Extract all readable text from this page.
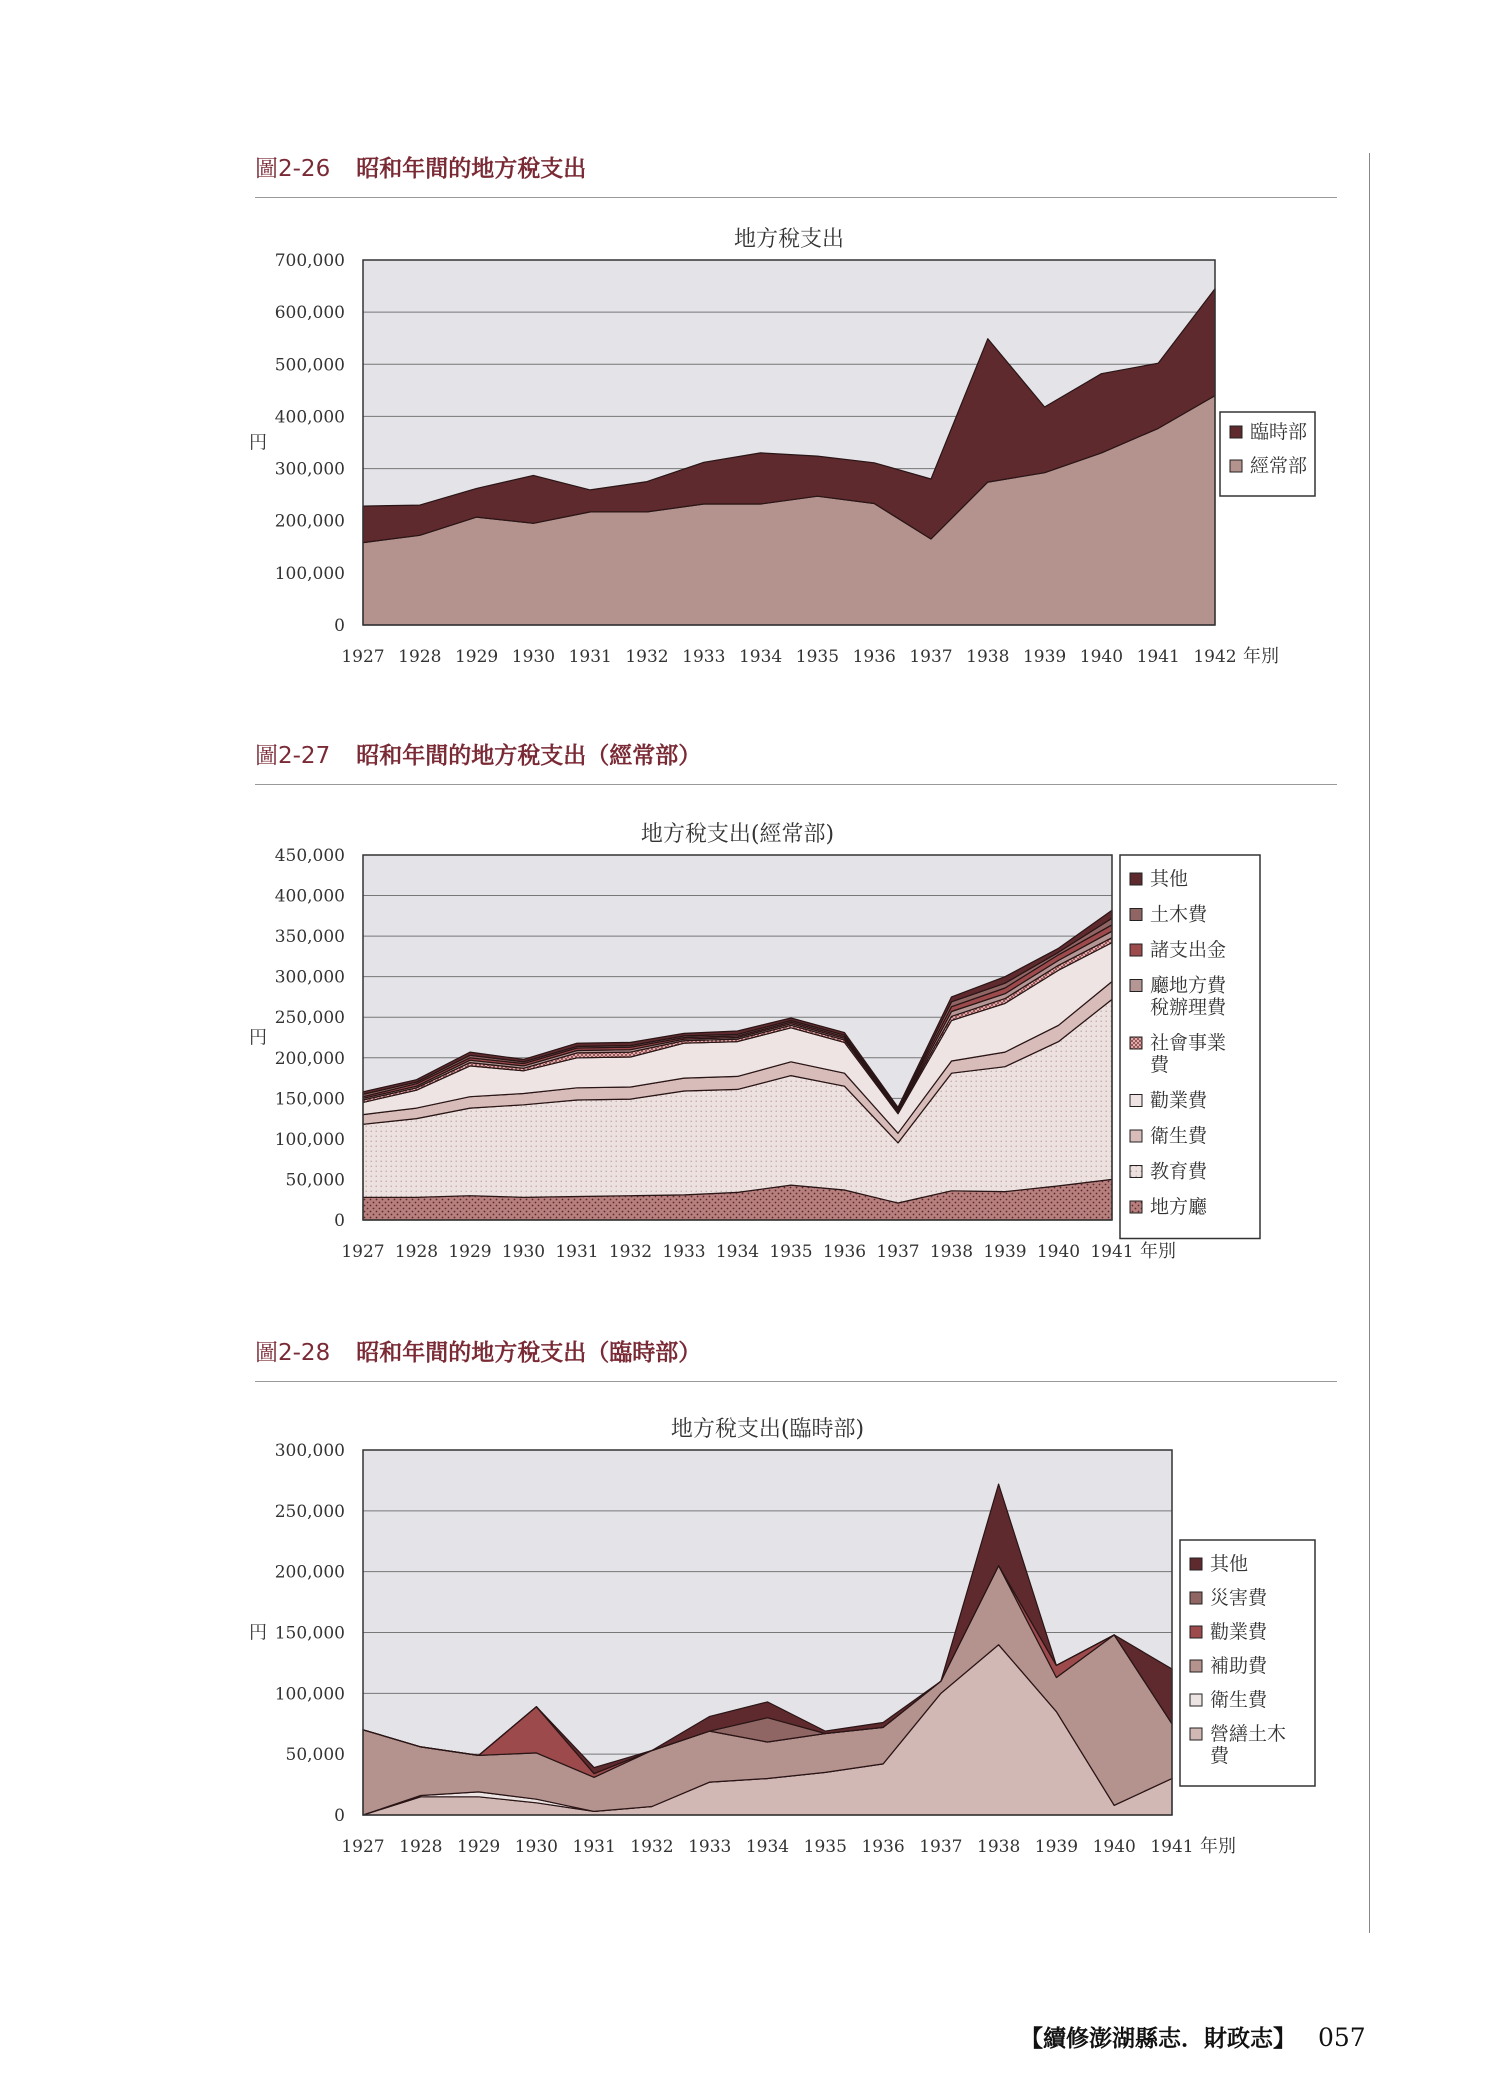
圖2-26 昭和年間的地方稅支出
地方稅支出
0
100,000
200,000
300,000
400,000
500,000
600,000
700,000
円
1927 1928 1929 1930 1931 1932 1933 1934 1935 1936 1937 1938 1939 1940 1941 1942 年別
臨時部
經常部
圖2-27 昭和年間的地方稅支出（經常部）
地方稅支出(經常部)
0
50,000
100,000
150,000
200,000
250,000
300,000
350,000
400,000
450,000
円
1927 1928 1929 1930 1931 1932 1933 1934 1935 1936 1937 1938 1939 1940 1941 年別
其他
土木費
諸支出金
廳地方費稅辦理費
社會事業費
勸業費
衛生費
教育費
地方廳
圖2-28 昭和年間的地方稅支出（臨時部）
地方稅支出(臨時部)
0
50,000
100,000
150,000
200,000
250,000
300,000
円
1927 1928 1929 1930 1931 1932 1933 1934 1935 1936 1937 1938 1939 1940 1941 年別
其他
災害費
勸業費
補助費
衛生費
營繕土木費
【續修澎湖縣志．財政志】 057
